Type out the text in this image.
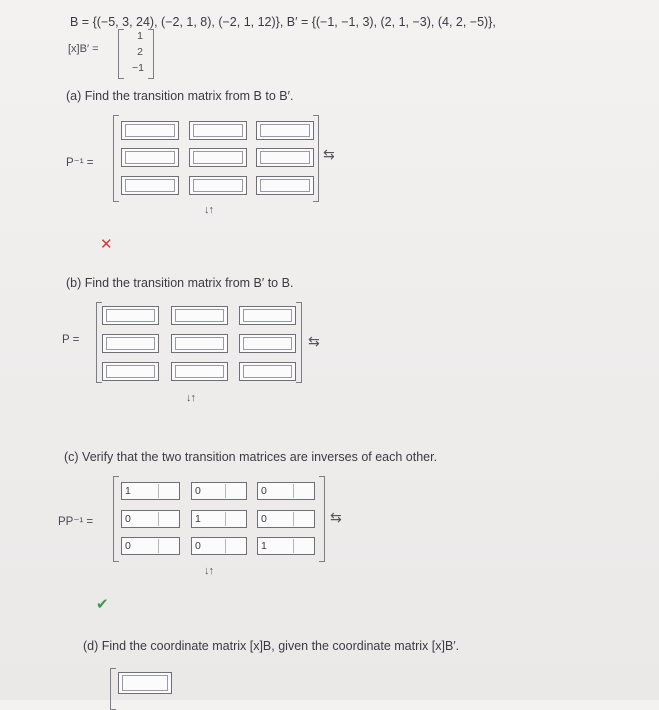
B = {(−5, 3, 24), (−2, 1, 8), (−2, 1, 12)}, B′ = {(−1, −1, 3), (2, 1, −3), (4, 2, −5)},
[x]B′ =
1
2
−1
(a) Find the transition matrix from B to B′.
P⁻¹ =
⇆
↓↑
✕
(b) Find the transition matrix from B′ to B.
P =	⇆
↓↑
(c) Verify that the two transition matrices are inverses of each other.
PP⁻¹ =
1	0	0
0	1	0
0	0	1
⇆
↓↑
✔
(d) Find the coordinate matrix [x]B, given the coordinate matrix [x]B′.
